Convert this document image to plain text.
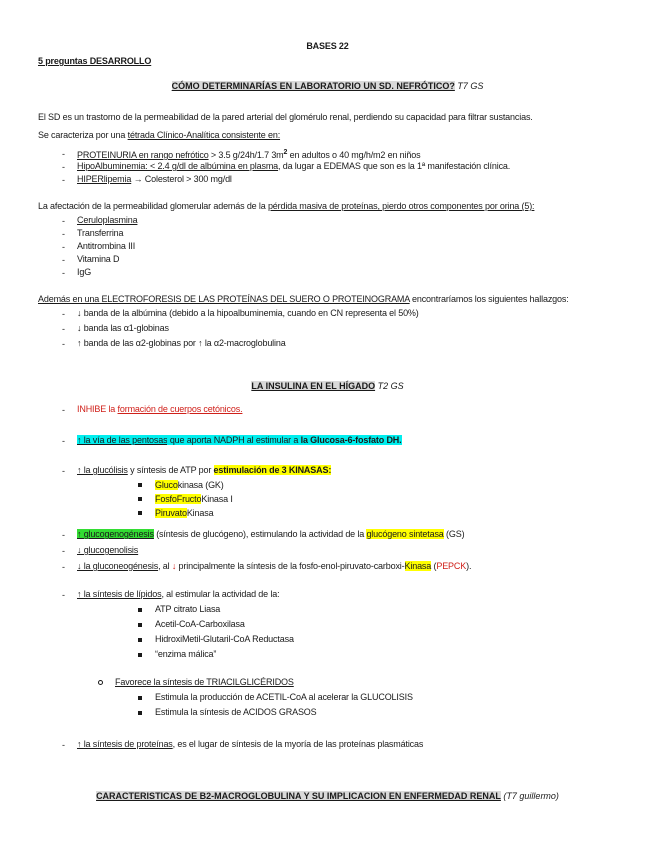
BASES 22
5 preguntas DESARROLLO
CÓMO DETERMINARÍAS EN LABORATORIO UN SD. NEFRÓTICO? T7 GS
El SD es un trastorno de la permeabilidad de la pared arterial del glomérulo renal, perdiendo su capacidad para filtrar sustancias.
Se caracteriza por una tétrada Clínico-Analítica consistente en:
- PROTEINURIA en rango nefrótico > 3.5 g/24h/1.7 $3m^2$ en adultos o 40 mg/h/m2 en niños
- HipoAlbuminemia: < 2.4 g/dl de albúmina en plasma, da lugar a EDEMAS que son es la 1ª manifestación clínica.
- HIPERlipemia → Colesterol > 300 mg/dl
La afectación de la permeabilidad glomerular además de la pérdida masiva de proteínas, pierdo otros componentes por orina (5):
- Ceruloplasmina
- Transferrina
- Antitrombina III
- Vitamina D
- IgG
Además en una ELECTROFORESIS DE LAS PROTEÍNAS DEL SUERO O PROTEINOGRAMA encontraríamos los siguientes hallazgos:
- ↓ banda de la albúmina (debido a la hipoalbuminemia, cuando en CN representa el 50%)
- ↓ banda las α1-globinas
- ↑ banda de las α2-globinas por ↑ la α2-macroglobulina
LA INSULINA EN EL HÍGADO T2 GS
- INHIBE la formación de cuerpos cetónicos.
- ↑ la vía de las pentosas que aporta NADPH al estimular a la Glucosa-6-fosfato DH.
- ↑ la glucólisis y síntesis de ATP por estimulación de 3 KINASAS:
Glucokinasa (GK)
FosfoFructoKinasa I
PiruvatoKinasa
- ↑ glucogenogénesis (síntesis de glucógeno), estimulando la actividad de la glucógeno sintetasa (GS)
- ↓ glucogenolisis
- ↓ la gluconeogénesis, al ↓ principalmente la síntesis de la fosfo-enol-piruvato-carboxi-Kinasa (PEPCK).
- ↑ la síntesis de lípidos, al estimular la actividad de la:
ATP citrato Liasa
Acetil-CoA-Carboxilasa
HidroxiMetil-Glutaril-CoA Reductasa
“enzima málica”
Favorece la síntesis de TRIACILGLICÉRIDOS
Estimula la producción de ACETIL-CoA al acelerar la GLUCOLISIS
Estimula la síntesis de ACIDOS GRASOS
- ↑ la síntesis de proteínas, es el lugar de síntesis de la myoría de las proteínas plasmáticas
CARACTERISTICAS DE B2-MACROGLOBULINA Y SU IMPLICACION EN ENFERMEDAD RENAL (T7 guillermo)
